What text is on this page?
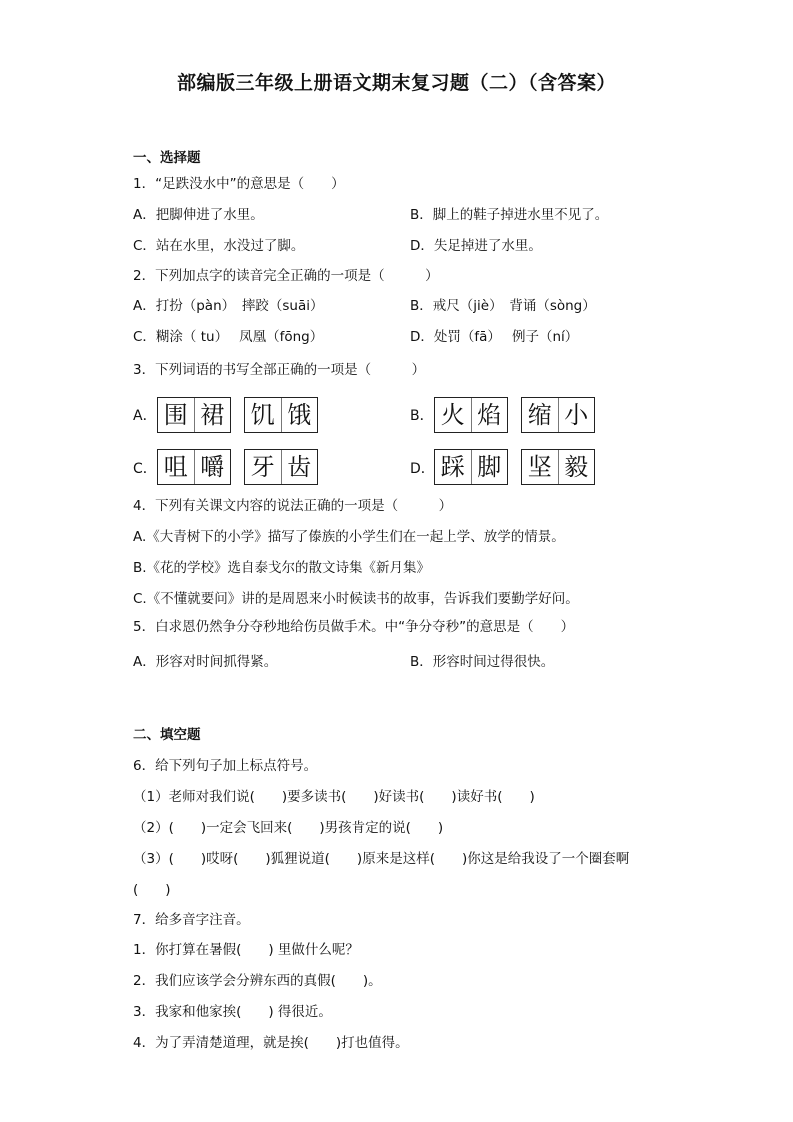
部编版三年级上册语文期末复习题（二）（含答案）
一、选择题
1．“足跌没水中”的意思是（　　）
A．把脚伸进了水里。	B．脚上的鞋子掉进水里不见了。
C．站在水里，水没过了脚。	D．失足掉进了水里。
2．下列加点字的读音完全正确的一项是（　　　）
A．打扮（pàn）　摔跤（suāi）	B．戒尺（jiè）　背诵（sòng）
C．糊涂（ tu）　 凤凰（fōng）	D．处罚（fā）　 例子（ní）
3．下列词语的书写全部正确的一项是（　　　）
A． 围 裙 饥 饿	B． 火 焰 缩 小
C． 咀 嚼 牙 齿	D． 踩 脚 坚 毅
4．下列有关课文内容的说法正确的一项是（　　　）
A.《大青树下的小学》描写了傣族的小学生们在一起上学、放学的情景。
B.《花的学校》选自泰戈尔的散文诗集《新月集》
C.《不懂就要问》讲的是周恩来小时候读书的故事，告诉我们要勤学好问。
5．白求恩仍然争分夺秒地给伤员做手术。中“争分夺秒”的意思是（　　）
A．形容对时间抓得紧。	B．形容时间过得很快。
二、填空题
6．给下列句子加上标点符号。
（1）老师对我们说(　　)要多读书(　　)好读书(　　)读好书(　　)
（2）(　　)一定会飞回来(　　)男孩肯定的说(　　)
（3）(　　)哎呀(　　)狐狸说道(　　)原来是这样(　　)你这是给我设了一个圈套啊
(　　)
7．给多音字注音。
1．你打算在暑假(　　) 里做什么呢？
2．我们应该学会分辨东西的真假(　　)。
3．我家和他家挨(　　) 得很近。
4．为了弄清楚道理，就是挨(　　)打也值得。
